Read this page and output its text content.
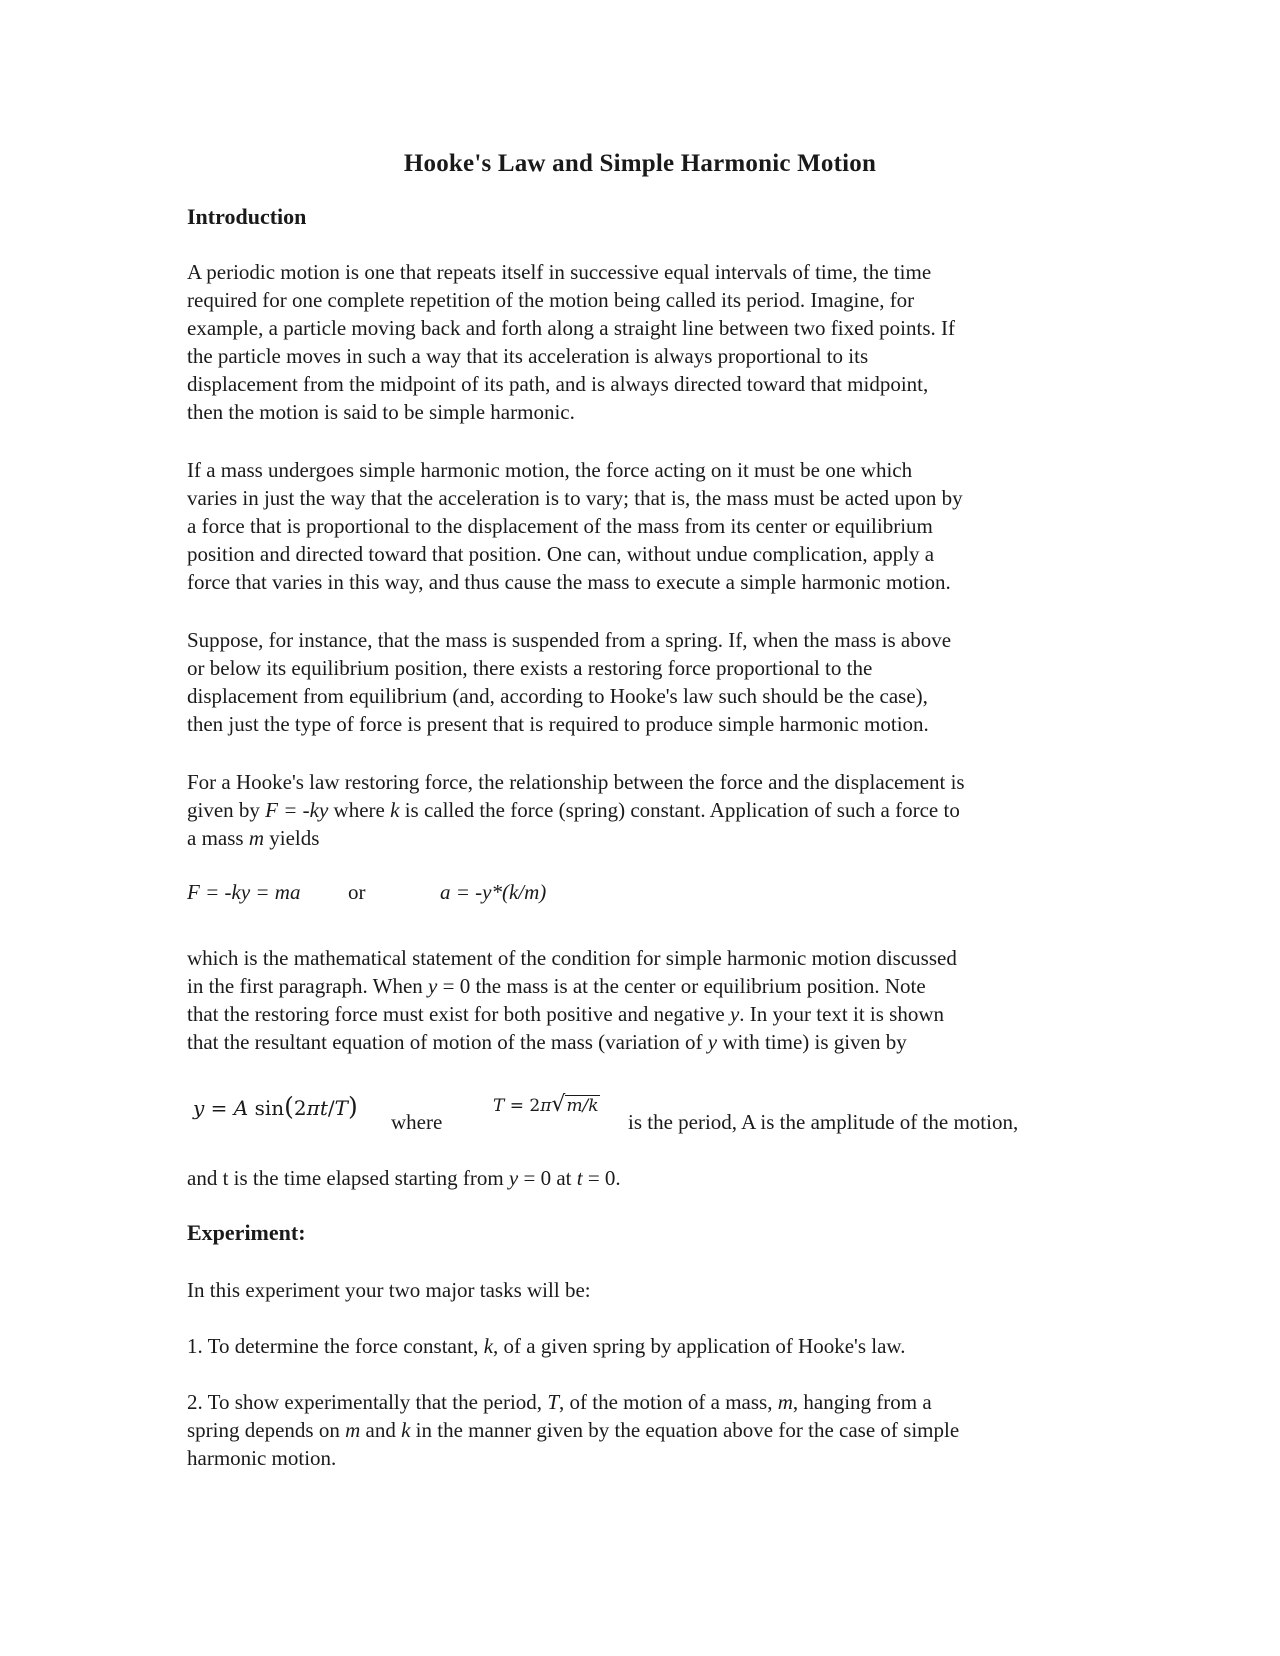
Hooke's Law and Simple Harmonic Motion
Introduction
A periodic motion is one that repeats itself in successive equal intervals of time, the time
required for one complete repetition of the motion being called its period. Imagine, for
example, a particle moving back and forth along a straight line between two fixed points. If
the particle moves in such a way that its acceleration is always proportional to its
displacement from the midpoint of its path, and is always directed toward that midpoint,
then the motion is said to be simple harmonic.
If a mass undergoes simple harmonic motion, the force acting on it must be one which
varies in just the way that the acceleration is to vary; that is, the mass must be acted upon by
a force that is proportional to the displacement of the mass from its center or equilibrium
position and directed toward that position. One can, without undue complication, apply a
force that varies in this way, and thus cause the mass to execute a simple harmonic motion.
Suppose, for instance, that the mass is suspended from a spring. If, when the mass is above
or below its equilibrium position, there exists a restoring force proportional to the
displacement from equilibrium (and, according to Hooke's law such should be the case),
then just the type of force is present that is required to produce simple harmonic motion.
For a Hooke's law restoring force, the relationship between the force and the displacement is
given by F = -ky where k is called the force (spring) constant. Application of such a force to
a mass m yields
F = -ky = ma or	a = -y*(k/m)
which is the mathematical statement of the condition for simple harmonic motion discussed
in the first paragraph. When y = 0 the mass is at the center or equilibrium position. Note
that the restoring force must exist for both positive and negative y. In your text it is shown
that the resultant equation of motion of the mass (variation of y with time) is given by
y = A sin(2πt/T)
where
T = 2π√m/k
is the period, A is the amplitude of the motion,
and t is the time elapsed starting from y = 0 at t = 0.
Experiment:
In this experiment your two major tasks will be:
1. To determine the force constant, k, of a given spring by application of Hooke's law.
2. To show experimentally that the period, T, of the motion of a mass, m, hanging from a
spring depends on m and k in the manner given by the equation above for the case of simple
harmonic motion.
